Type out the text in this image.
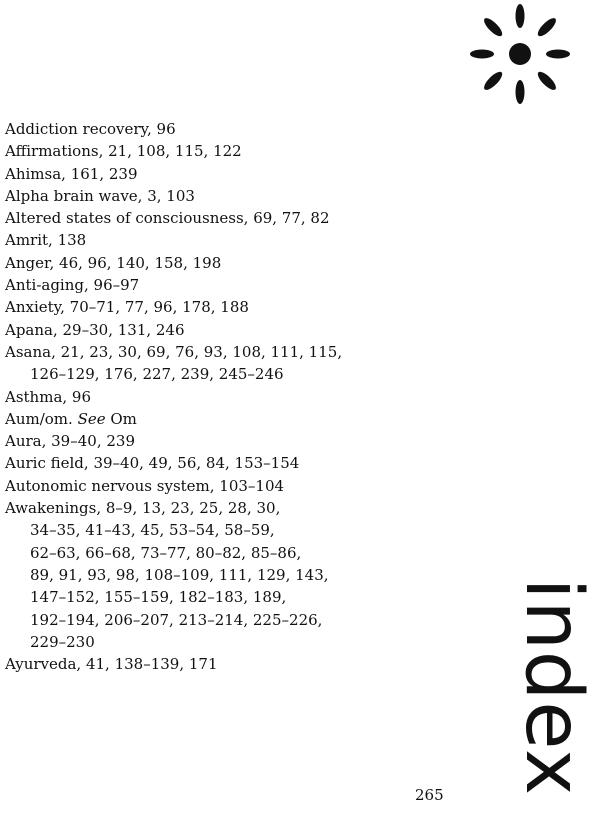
Addiction recovery, 96
Affirmations, 21, 108, 115, 122
Ahimsa, 161, 239
Alpha brain wave, 3, 103
Altered states of consciousness, 69, 77, 82
Amrit, 138
Anger, 46, 96, 140, 158, 198
Anti-aging, 96–97
Anxiety, 70–71, 77, 96, 178, 188
Apana, 29–30, 131, 246
Asana, 21, 23, 30, 69, 76, 93, 108, 111, 115,
126–129, 176, 227, 239, 245–246
Asthma, 96
Aum/om. See Om
Aura, 39–40, 239
Auric field, 39–40, 49, 56, 84, 153–154
Autonomic nervous system, 103–104
Awakenings, 8–9, 13, 23, 25, 28, 30,
34–35, 41–43, 45, 53–54, 58–59,
62–63, 66–68, 73–77, 80–82, 85–86,
89, 91, 93, 98, 108–109, 111, 129, 143,
147–152, 155–159, 182–183, 189,
192–194, 206–207, 213–214, 225–226,
229–230
Ayurveda, 41, 138–139, 171	index
265
